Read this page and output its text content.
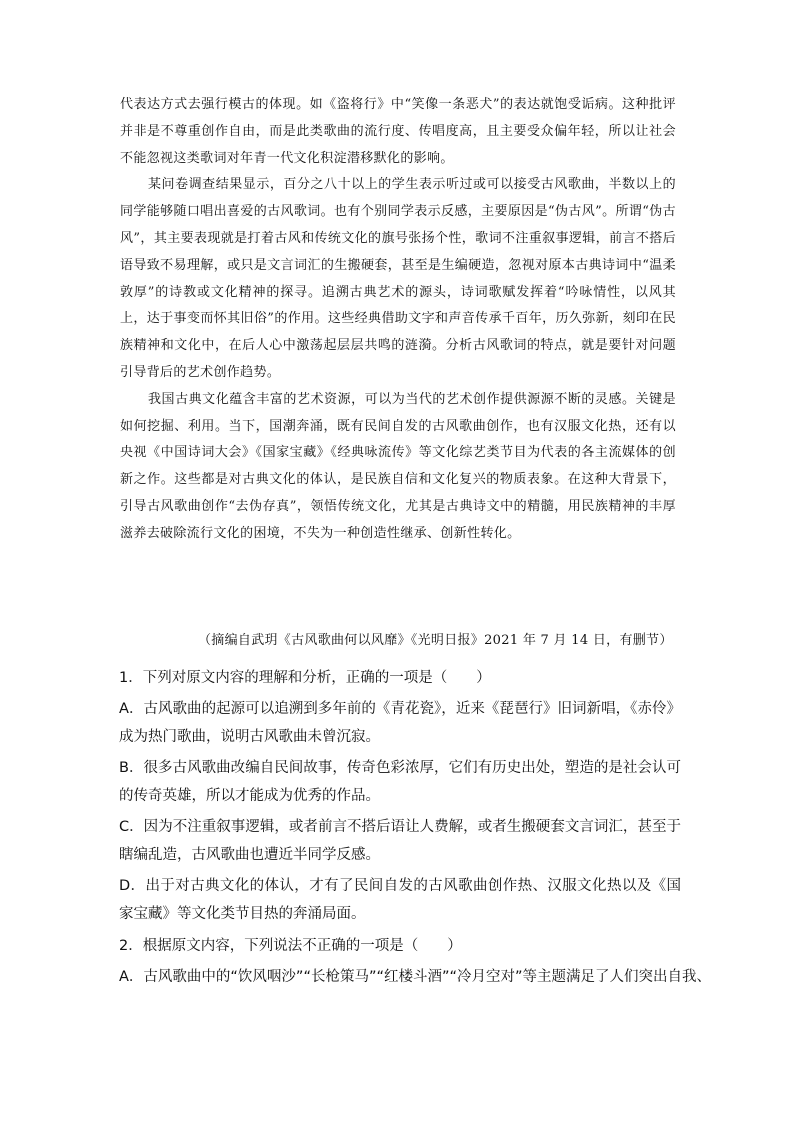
代表达方式去强行模古的体现。如《盗将行》中“笑像一条恶犬”的表达就饱受诟病。这种批评并非是不尊重创作自由，而是此类歌曲的流行度、传唱度高，且主要受众偏年轻，所以让社会不能忽视这类歌词对年青一代文化积淀潜移默化的影响。

某问卷调查结果显示，百分之八十以上的学生表示听过或可以接受古风歌曲，半数以上的同学能够随口唱出喜爱的古风歌词。也有个别同学表示反感，主要原因是“伪古风”。所谓“伪古风”，其主要表现就是打着古风和传统文化的旗号张扬个性，歌词不注重叙事逻辑，前言不搭后语导致不易理解，或只是文言词汇的生搬硬套，甚至是生编硬造，忽视对原本古典诗词中“温柔敦厚”的诗教或文化精神的探寻。追溯古典艺术的源头，诗词歌赋发挥着“吟咏情性，以风其上，达于事变而怀其旧俗”的作用。这些经典借助文字和声音传承千百年，历久弥新，刻印在民族精神和文化中，在后人心中激荡起层层共鸣的涟漪。分析古风歌词的特点，就是要针对问题引导背后的艺术创作趋势。

我国古典文化蕴含丰富的艺术资源，可以为当代的艺术创作提供源源不断的灵感。关键是如何挖掘、利用。当下，国潮奔涌，既有民间自发的古风歌曲创作，也有汉服文化热，还有以央视《中国诗词大会》《国家宝藏》《经典咏流传》等文化综艺类节目为代表的各主流媒体的创新之作。这些都是对古典文化的体认，是民族自信和文化复兴的物质表象。在这种大背景下，引导古风歌曲创作“去伪存真”，领悟传统文化，尤其是古典诗文中的精髓，用民族精神的丰厚滋养去破除流行文化的困境，不失为一种创造性继承、创新性转化。

（摘编自武玥《古风歌曲何以风靡》《光明日报》2021 年 7 月 14 日，有删节）

1．下列对原文内容的理解和分析，正确的一项是（　　）

A．古风歌曲的起源可以追溯到多年前的《青花瓷》，近来《琵琶行》旧词新唱，《赤伶》成为热门歌曲，说明古风歌曲未曾沉寂。

B．很多古风歌曲改编自民间故事，传奇色彩浓厚，它们有历史出处，塑造的是社会认可的传奇英雄，所以才能成为优秀的作品。

C．因为不注重叙事逻辑，或者前言不搭后语让人费解，或者生搬硬套文言词汇，甚至于瞎编乱造，古风歌曲也遭近半同学反感。

D．出于对古典文化的体认，才有了民间自发的古风歌曲创作热、汉服文化热以及《国家宝藏》等文化类节目热的奔涌局面。

2．根据原文内容，下列说法不正确的一项是（　　）

A．古风歌曲中的“饮风咽沙”“长枪策马”“红楼斗酒”“冷月空对”等主题满足了人们突出自我、
